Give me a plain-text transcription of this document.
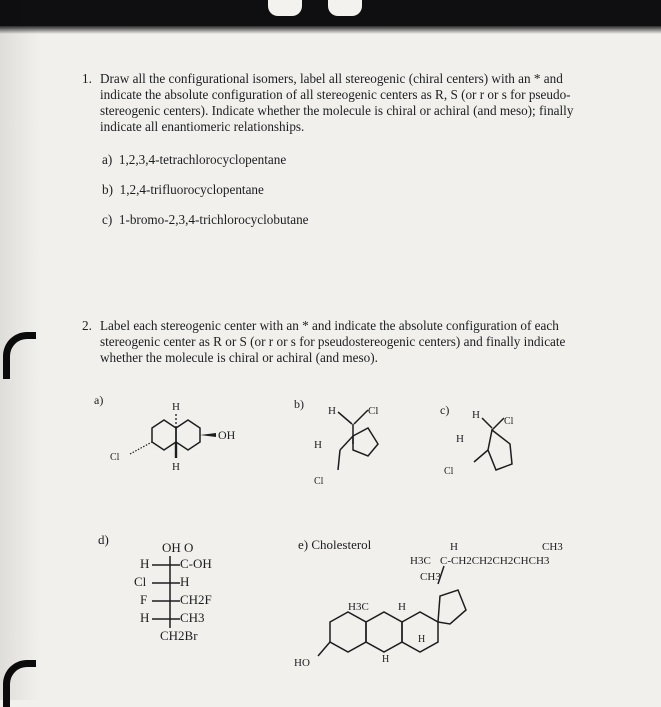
1. Draw all the configurational isomers, label all stereogenic (chiral centers) with an * and
indicate the absolute configuration of all stereogenic centers as R, S (or r or s for pseudo-
stereogenic centers). Indicate whether the molecule is chiral or achiral (and meso); finally
indicate all enantiomeric relationships.
a) 1,2,3,4-tetrachlorocyclopentane
b) 1,2,4-trifluorocyclopentane
c) 1-bromo-2,3,4-trichlorocyclobutane
2. Label each stereogenic center with an * and indicate the absolute configuration of each
stereogenic center as R or S (or r or s for pseudostereogenic centers) and finally indicate
whether the molecule is chiral or achiral (and meso).
a)	H
H
OH
Cl
b) H	Cl
H
Cl
c) H
Cl
H
Cl
d)
OH O
H C-OH
Cl	H
F	CH2F
H CH3
CH2Br
e) Cholesterol	H	CH3
H3C C-CH2CH2CH2CHCH3
CH3
H3C	H
H
H
HO
